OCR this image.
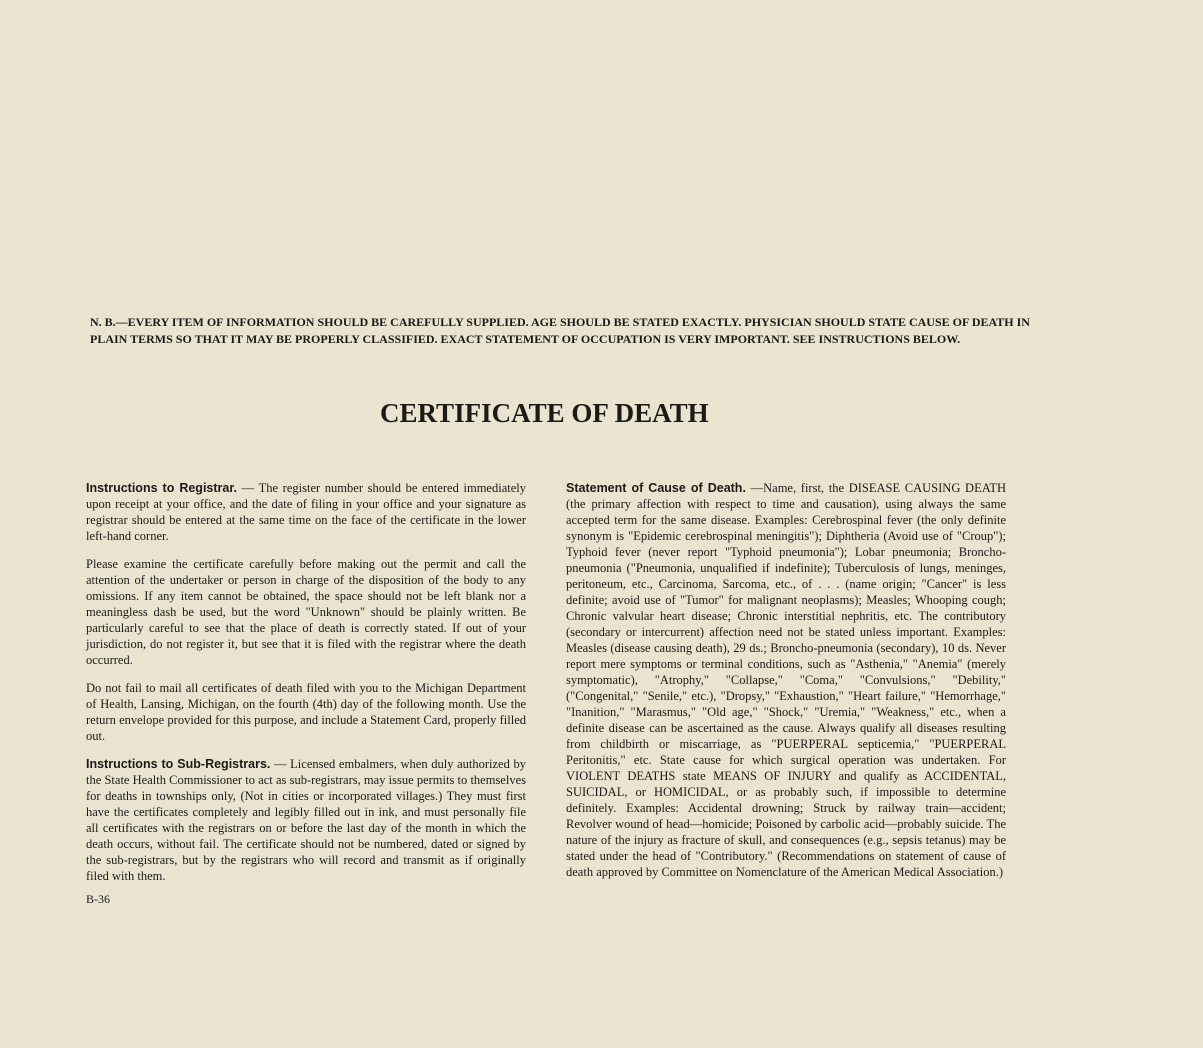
N. B.—EVERY ITEM OF INFORMATION SHOULD BE CAREFULLY SUPPLIED. AGE SHOULD BE STATED EXACTLY. PHYSICIAN SHOULD STATE CAUSE OF DEATH IN PLAIN TERMS SO THAT IT MAY BE PROPERLY CLASSIFIED. EXACT STATEMENT OF OCCUPATION IS VERY IMPORTANT. SEE INSTRUCTIONS BELOW.

CERTIFICATE OF DEATH

Instructions to Registrar. — The register number should be entered immediately upon receipt at your office, and the date of filing in your office and your signature as registrar should be entered at the same time on the face of the certificate in the lower left-hand corner.

Please examine the certificate carefully before making out the permit and call the attention of the undertaker or person in charge of the disposition of the body to any omissions. If any item cannot be obtained, the space should not be left blank nor a meaningless dash be used, but the word "Unknown" should be plainly written. Be particularly careful to see that the place of death is correctly stated. If out of your jurisdiction, do not register it, but see that it is filed with the registrar where the death occurred.

Do not fail to mail all certificates of death filed with you to the Michigan Department of Health, Lansing, Michigan, on the fourth (4th) day of the following month. Use the return envelope provided for this purpose, and include a Statement Card, properly filled out.

Instructions to Sub-Registrars. — Licensed embalmers, when duly authorized by the State Health Commissioner to act as sub-registrars, may issue permits to themselves for deaths in townships only, (Not in cities or incorporated villages.) They must first have the certificates completely and legibly filled out in ink, and must personally file all certificates with the registrars on or before the last day of the month in which the death occurs, without fail. The certificate should not be numbered, dated or signed by the sub-registrars, but by the registrars who will record and transmit as if originally filed with them.

B-36

Statement of Cause of Death. —Name, first, the DISEASE CAUSING DEATH (the primary affection with respect to time and causation), using always the same accepted term for the same disease. Examples: Cerebrospinal fever (the only definite synonym is "Epidemic cerebrospinal meningitis"); Diphtheria (Avoid use of "Croup"); Typhoid fever (never report "Typhoid pneumonia"); Lobar pneumonia; Broncho-pneumonia ("Pneumonia, unqualified if indefinite); Tuberculosis of lungs, meninges, peritoneum, etc., Carcinoma, Sarcoma, etc., of . . . (name origin; "Cancer" is less definite; avoid use of "Tumor" for malignant neoplasms); Measles; Whooping cough; Chronic valvular heart disease; Chronic interstitial nephritis, etc. The contributory (secondary or intercurrent) affection need not be stated unless important. Examples: Measles (disease causing death), 29 ds.; Broncho-pneumonia (secondary), 10 ds. Never report mere symptoms or terminal conditions, such as "Asthenia," "Anemia" (merely symptomatic), "Atrophy," "Collapse," "Coma," "Convulsions," "Debility," ("Congenital," "Senile," etc.), "Dropsy," "Exhaustion," "Heart failure," "Hemorrhage," "Inanition," "Marasmus," "Old age," "Shock," "Uremia," "Weakness," etc., when a definite disease can be ascertained as the cause. Always qualify all diseases resulting from childbirth or miscarriage, as "PUERPERAL septicemia," "PUERPERAL Peritonitis," etc. State cause for which surgical operation was undertaken. For VIOLENT DEATHS state MEANS OF INJURY and qualify as ACCIDENTAL, SUICIDAL, or HOMICIDAL, or as probably such, if impossible to determine definitely. Examples: Accidental drowning; Struck by railway train—accident; Revolver wound of head—homicide; Poisoned by carbolic acid—probably suicide. The nature of the injury as fracture of skull, and consequences (e.g., sepsis tetanus) may be stated under the head of "Contributory." (Recommendations on statement of cause of death approved by Committee on Nomenclature of the American Medical Association.)
